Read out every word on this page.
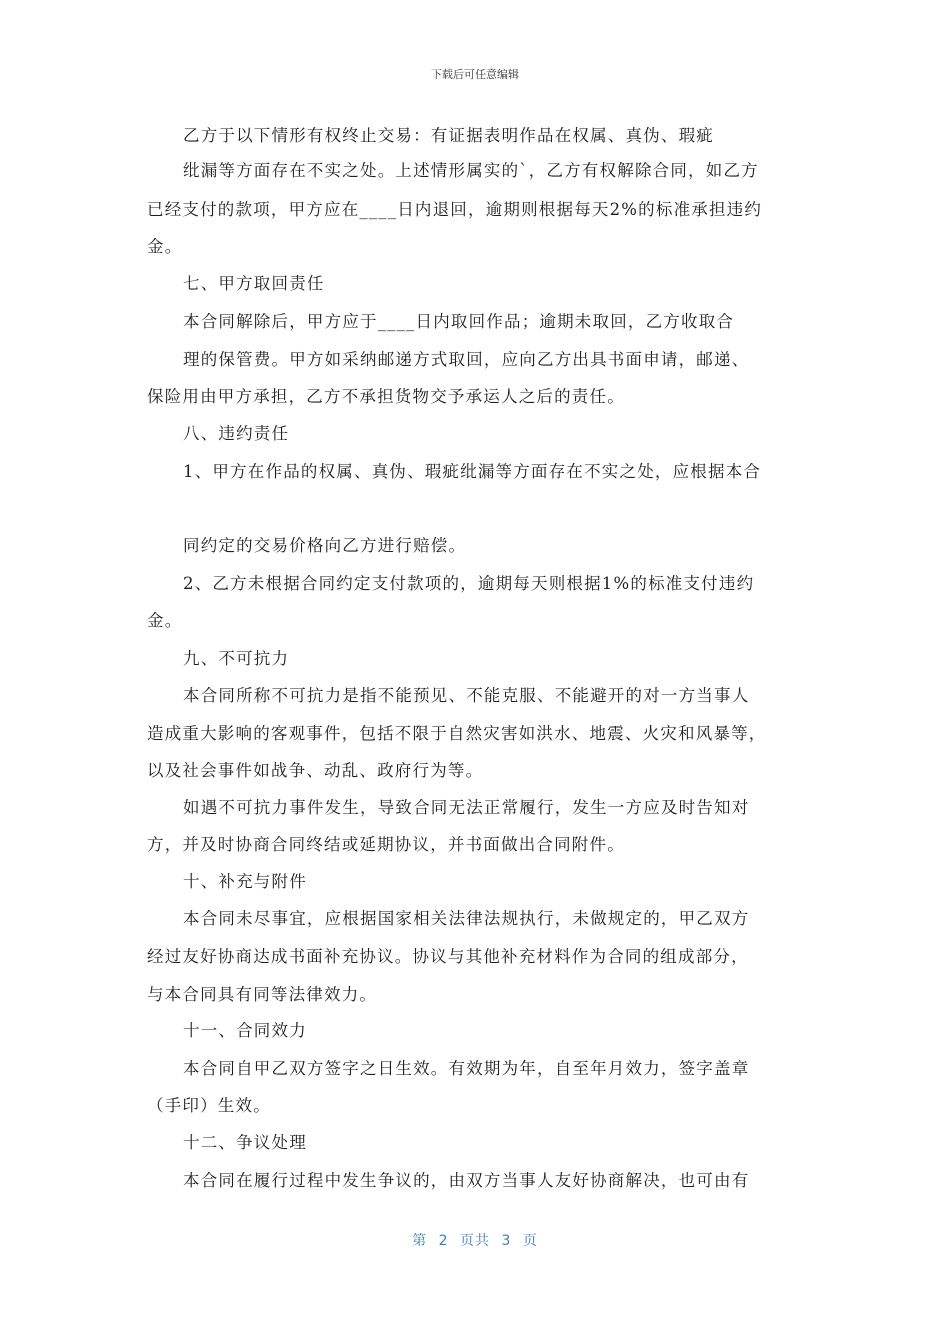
下载后可任意编辑
乙方于以下情形有权终止交易：有证据表明作品在权属、真伪、瑕疵
纰漏等方面存在不实之处。上述情形属实的`，乙方有权解除合同，如乙方
已经支付的款项，甲方应在____日内退回，逾期则根据每天2%的标准承担违约
金。
七、甲方取回责任
本合同解除后，甲方应于____日内取回作品；逾期未取回，乙方收取合
理的保管费。甲方如采纳邮递方式取回，应向乙方出具书面申请，邮递、
保险用由甲方承担，乙方不承担货物交予承运人之后的责任。
八、违约责任
1、甲方在作品的权属、真伪、瑕疵纰漏等方面存在不实之处，应根据本合
同约定的交易价格向乙方进行赔偿。
2、乙方未根据合同约定支付款项的，逾期每天则根据1%的标准支付违约
金。
九、不可抗力
本合同所称不可抗力是指不能预见、不能克服、不能避开的对一方当事人
造成重大影响的客观事件，包括不限于自然灾害如洪水、地震、火灾和风暴等，
以及社会事件如战争、动乱、政府行为等。
如遇不可抗力事件发生，导致合同无法正常履行，发生一方应及时告知对
方，并及时协商合同终结或延期协议，并书面做出合同附件。
十、补充与附件
本合同未尽事宜，应根据国家相关法律法规执行，未做规定的，甲乙双方
经过友好协商达成书面补充协议。协议与其他补充材料作为合同的组成部分，
与本合同具有同等法律效力。
十一、合同效力
本合同自甲乙双方签字之日生效。有效期为年，自至年月效力，签字盖章
（手印）生效。
十二、争议处理
本合同在履行过程中发生争议的，由双方当事人友好协商解决，也可由有
第 2 页共 3 页
